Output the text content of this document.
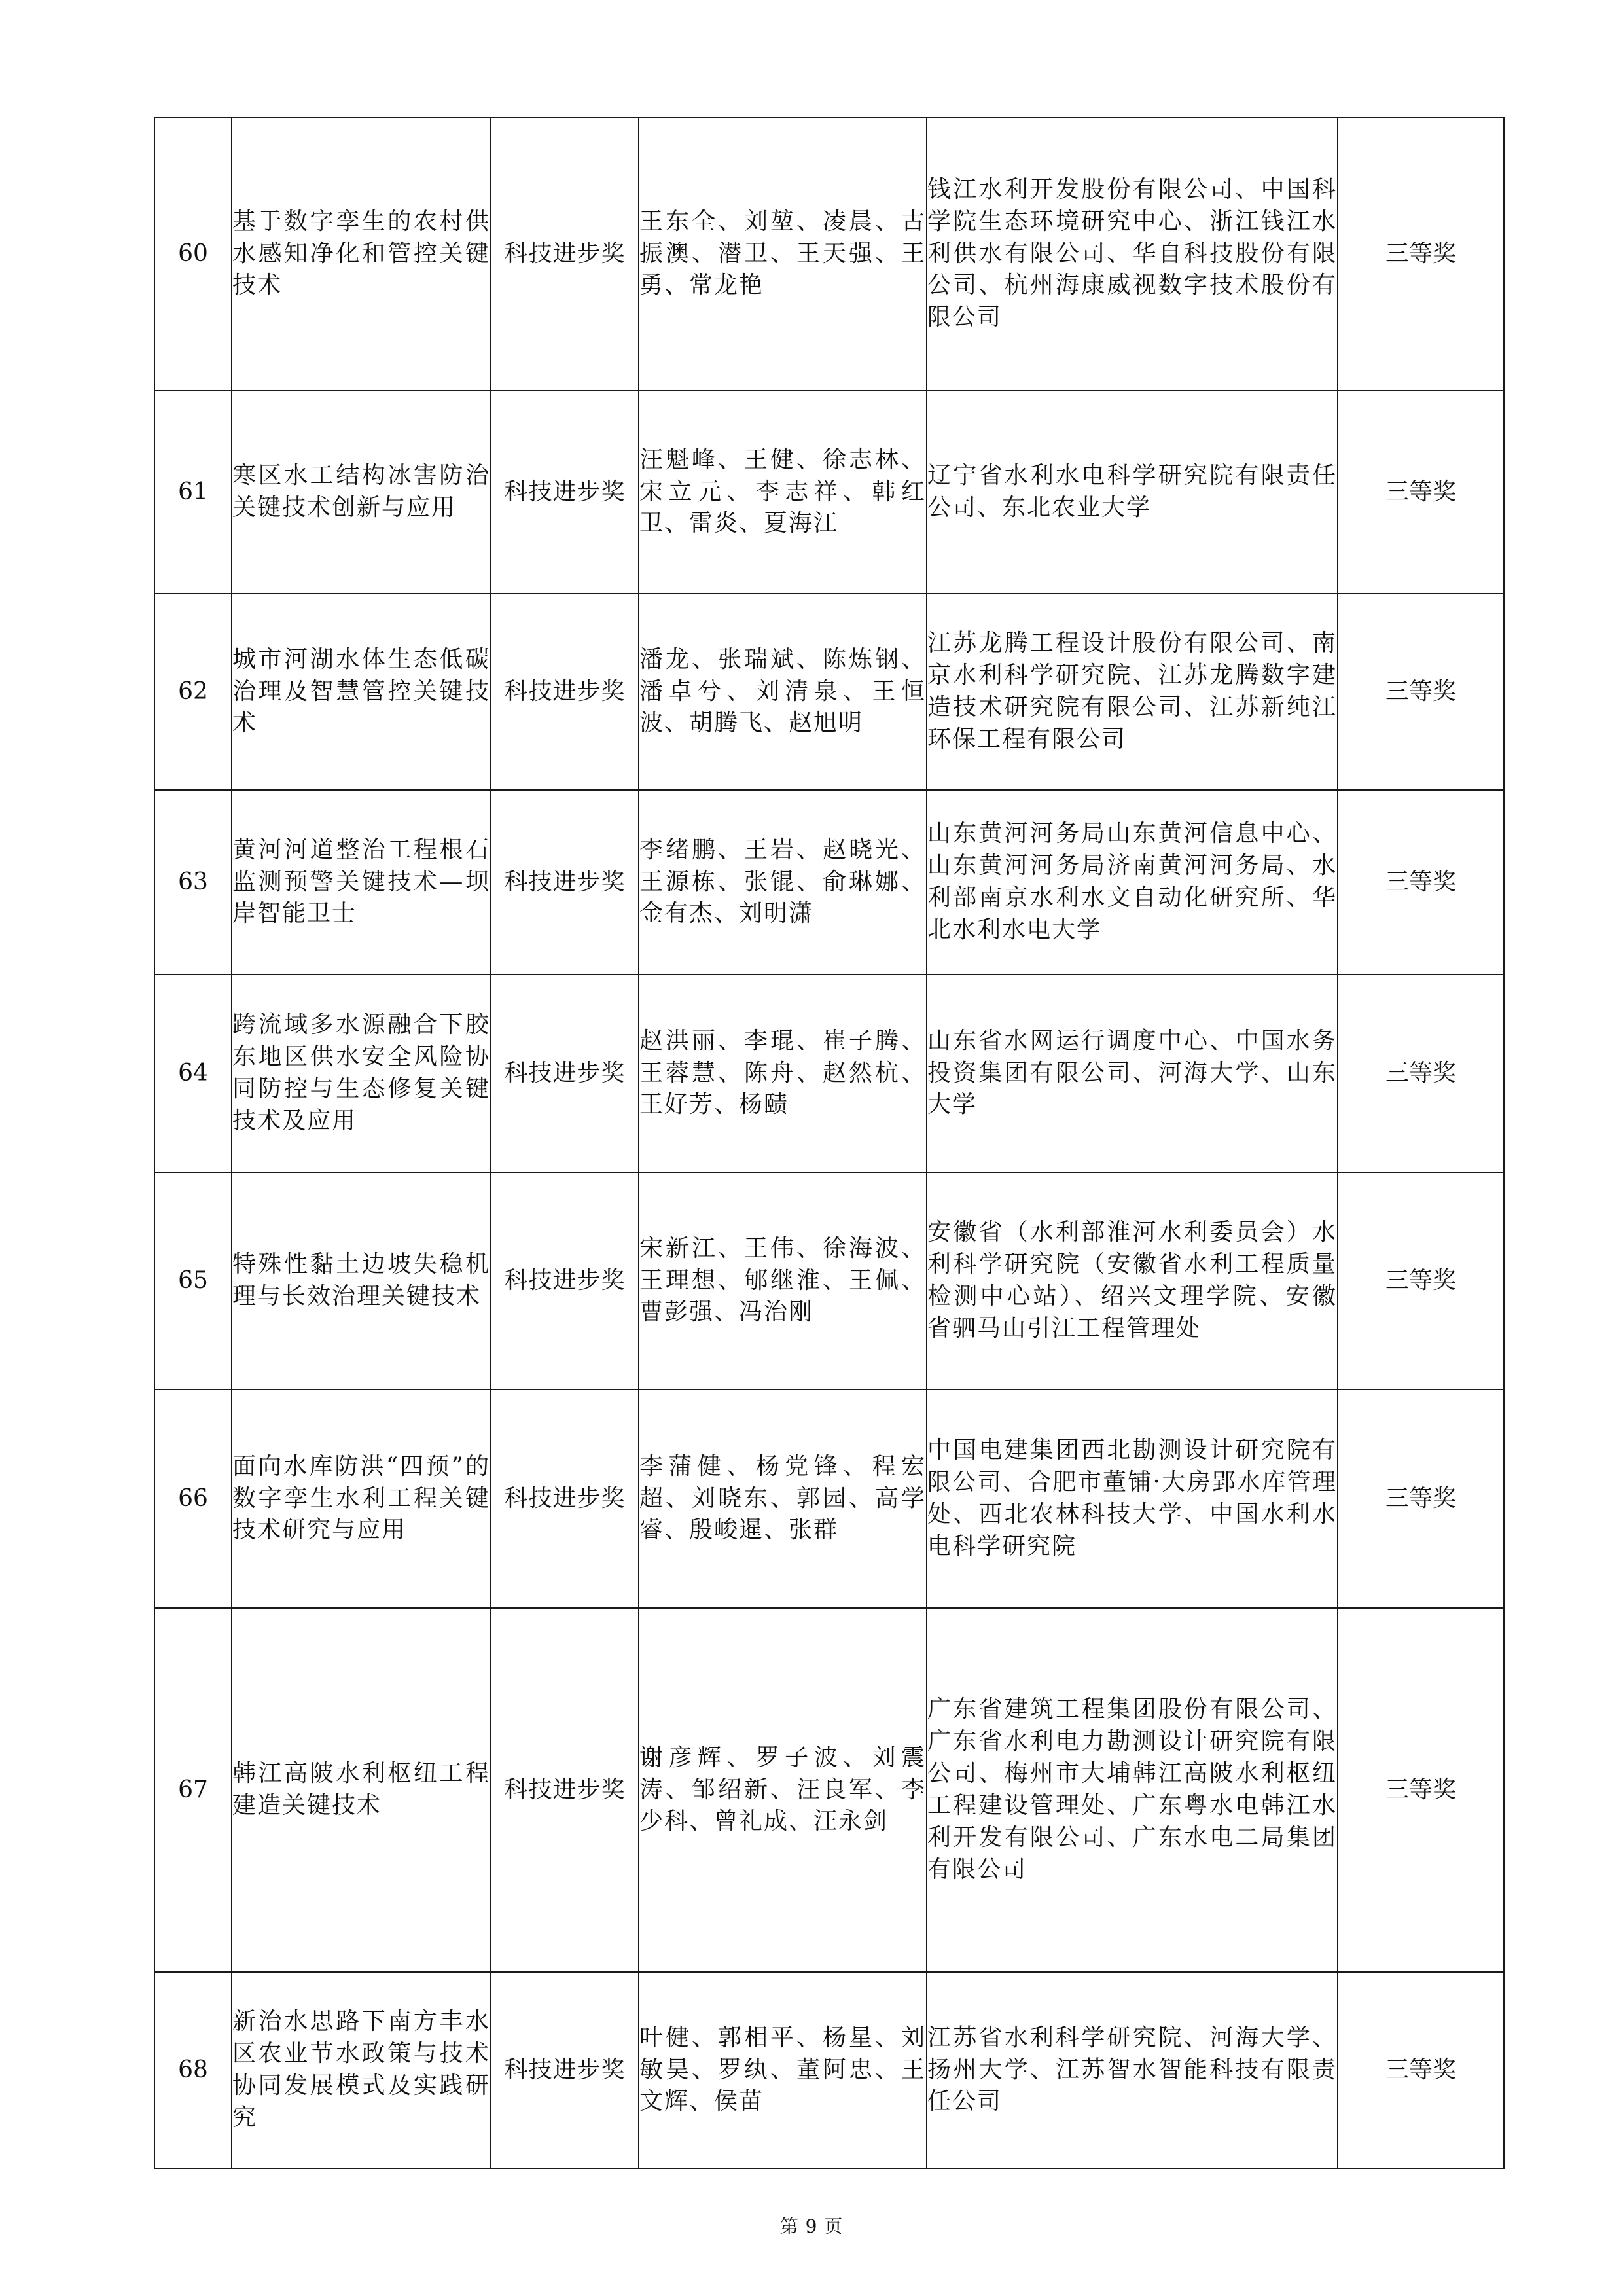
60	基于数字孪生的农村供水感知净化和管控关键技术	科技进步奖	王东全、刘堃、凌晨、古振澳、潜卫、王天强、王勇、常龙艳	钱江水利开发股份有限公司、中国科学院生态环境研究中心、浙江钱江水利供水有限公司、华自科技股份有限公司、杭州海康威视数字技术股份有限公司	三等奖
61	寒区水工结构冰害防治关键技术创新与应用	科技进步奖	汪魁峰、王健、徐志林、宋立元、李志祥、韩红卫、雷炎、夏海江	辽宁省水利水电科学研究院有限责任公司、东北农业大学	三等奖
62	城市河湖水体生态低碳治理及智慧管控关键技术	科技进步奖	潘龙、张瑞斌、陈炼钢、潘卓兮、刘清泉、王恒波、胡腾飞、赵旭明	江苏龙腾工程设计股份有限公司、南京水利科学研究院、江苏龙腾数字建造技术研究院有限公司、江苏新纯江环保工程有限公司	三等奖
63	黄河河道整治工程根石监测预警关键技术—坝岸智能卫士	科技进步奖	李绪鹏、王岩、赵晓光、王源栋、张锟、俞琳娜、金有杰、刘明潇	山东黄河河务局山东黄河信息中心、山东黄河河务局济南黄河河务局、水利部南京水利水文自动化研究所、华北水利水电大学	三等奖
64	跨流域多水源融合下胶东地区供水安全风险协同防控与生态修复关键技术及应用	科技进步奖	赵洪丽、李琨、崔子腾、王蓉慧、陈舟、赵然杭、王好芳、杨赜	山东省水网运行调度中心、中国水务投资集团有限公司、河海大学、山东大学	三等奖
65	特殊性黏土边坡失稳机理与长效治理关键技术	科技进步奖	宋新江、王伟、徐海波、王理想、郇继淮、王佩、曹彭强、冯治刚	安徽省（水利部淮河水利委员会）水利科学研究院（安徽省水利工程质量检测中心站）、绍兴文理学院、安徽省驷马山引江工程管理处	三等奖
66	面向水库防洪“四预”的数字孪生水利工程关键技术研究与应用	科技进步奖	李蒲健、杨党锋、程宏超、刘晓东、郭园、高学睿、殷峻暹、张群	中国电建集团西北勘测设计研究院有限公司、合肥市董铺·大房郢水库管理处、西北农林科技大学、中国水利水电科学研究院	三等奖
67	韩江高陂水利枢纽工程建造关键技术	科技进步奖	谢彦辉、罗子波、刘震涛、邹绍新、汪良军、李少科、曾礼成、汪永剑	广东省建筑工程集团股份有限公司、广东省水利电力勘测设计研究院有限公司、梅州市大埔韩江高陂水利枢纽工程建设管理处、广东粤水电韩江水利开发有限公司、广东水电二局集团有限公司	三等奖
68	新治水思路下南方丰水区农业节水政策与技术协同发展模式及实践研究	科技进步奖	叶健、郭相平、杨星、刘敏昊、罗纨、董阿忠、王文辉、侯苗	江苏省水利科学研究院、河海大学、扬州大学、江苏智水智能科技有限责任公司	三等奖
第 9 页
